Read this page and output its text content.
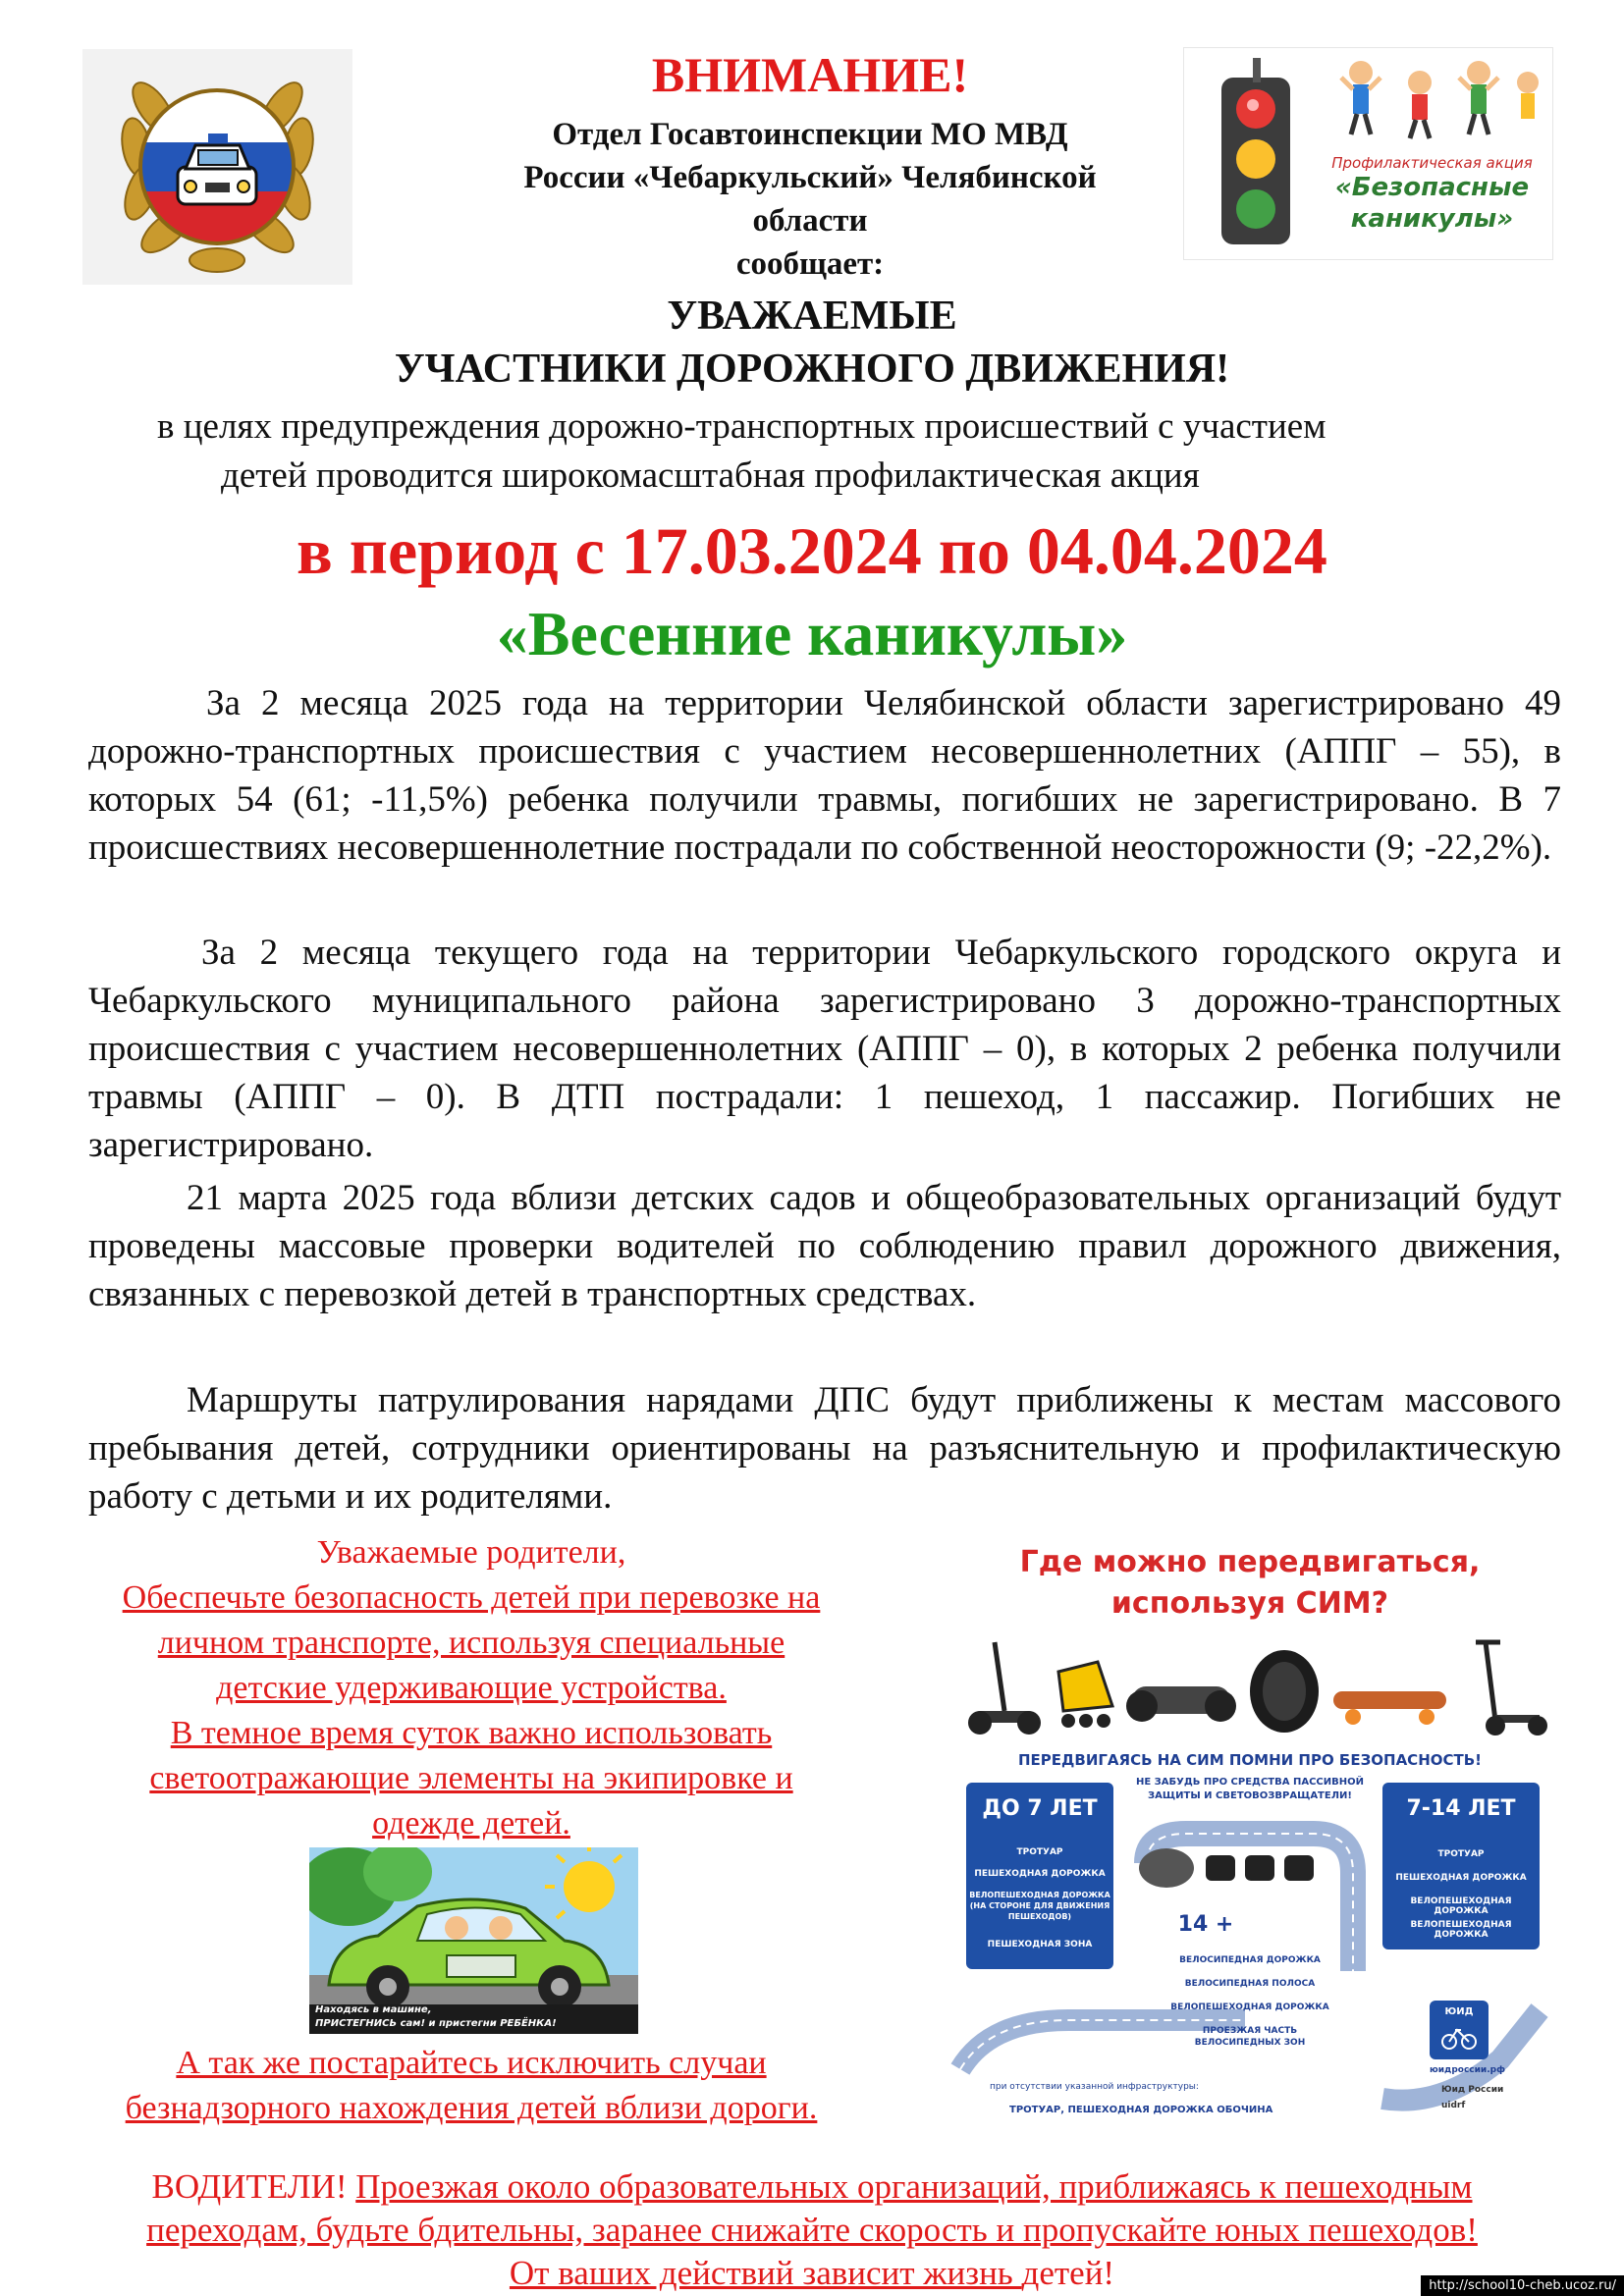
Профилактическая акция
«Безопасные
каникулы»
ВНИМАНИЕ!
Отдел Госавтоинспекции МО МВД
России «Чебаркульский» Челябинской
области
сообщает:
УВАЖАЕМЫЕ
УЧАСТНИКИ ДОРОЖНОГО ДВИЖЕНИЯ!
в целях предупреждения дорожно-транспортных происшествий с участием
детей проводится широкомасштабная профилактическая акция
в период с 17.03.2024 по 04.04.2024
«Весенние каникулы»

За 2 месяца 2025 года на территории Челябинской области зарегистрировано 49 дорожно-транспортных происшествия с участием несовершеннолетних (АППГ – 55), в которых 54 (61; -11,5%) ребенка получили травмы, погибших не зарегистрировано. В 7 происшествиях несовершеннолетние пострадали по собственной неосторожности (9; -22,2%).

За 2 месяца текущего года на территории Чебаркульского городского округа и Чебаркульского муниципального района зарегистрировано 3 дорожно-транспортных происшествия с участием несовершеннолетних (АППГ – 0), в которых 2 ребенка получили травмы (АППГ – 0). В ДТП пострадали: 1 пешеход, 1 пассажир. Погибших не зарегистрировано.

21 марта 2025 года вблизи детских садов и общеобразовательных организаций будут проведены массовые проверки водителей по соблюдению правил дорожного движения, связанных с перевозкой детей в транспортных средствах.

Маршруты патрулирования нарядами ДПС будут приближены к местам массового пребывания детей, сотрудники ориентированы на разъяснительную и профилактическую работу с детьми и их родителями.

Уважаемые родители,
Обеспечьте безопасность детей при перевозке на
личном транспорте, используя специальные
детские удерживающие устройства.
В темное время суток важно использовать
светоотражающие элементы на экипировке и
одежде детей.
Находясь в машине,
ПРИСТЕГНИСЬ сам! и пристегни РЕБЁНКА!
А так же постарайтесь исключить случаи
безнадзорного нахождения детей вблизи дороги.
Где можно передвигаться,
используя СИМ?
ПЕРЕДВИГАЯСЬ НА СИМ ПОМНИ ПРО БЕЗОПАСНОСТЬ!
НЕ ЗАБУДЬ ПРО СРЕДСТВА ПАССИВНОЙ
ЗАЩИТЫ И СВЕТОВОЗВРАЩАТЕЛИ!
ДО 7 ЛЕТ
ТРОТУАР
ПЕШЕХОДНАЯ ДОРОЖКА
ВЕЛОПЕШЕХОДНАЯ ДОРОЖКА
(НА СТОРОНЕ ДЛЯ ДВИЖЕНИЯ
ПЕШЕХОДОВ)
ПЕШЕХОДНАЯ ЗОНА
7-14 ЛЕТ
ТРОТУАР
ПЕШЕХОДНАЯ ДОРОЖКА
ВЕЛОПЕШЕХОДНАЯ ДОРОЖКА
ВЕЛОПЕШЕХОДНАЯ ДОРОЖКА
14 +
ВЕЛОСИПЕДНАЯ ДОРОЖКА
ВЕЛОСИПЕДНАЯ ПОЛОСА
ВЕЛОПЕШЕХОДНАЯ ДОРОЖКА
ПРОЕЗЖАЯ ЧАСТЬ
ВЕЛОСИПЕДНЫХ ЗОН
ЮИД
юидроссии.рф
Юид России
uidrf
при отсутствии указанной инфраструктуры:
ТРОТУАР, ПЕШЕХОДНАЯ ДОРОЖКА ОБОЧИНА
ВОДИТЕЛИ! Проезжая около образовательных организаций, приближаясь к пешеходным
переходам, будьте бдительны, заранее снижайте скорость и пропускайте юных пешеходов!
От ваших действий зависит жизнь детей!	http://school10-cheb.ucoz.ru/
